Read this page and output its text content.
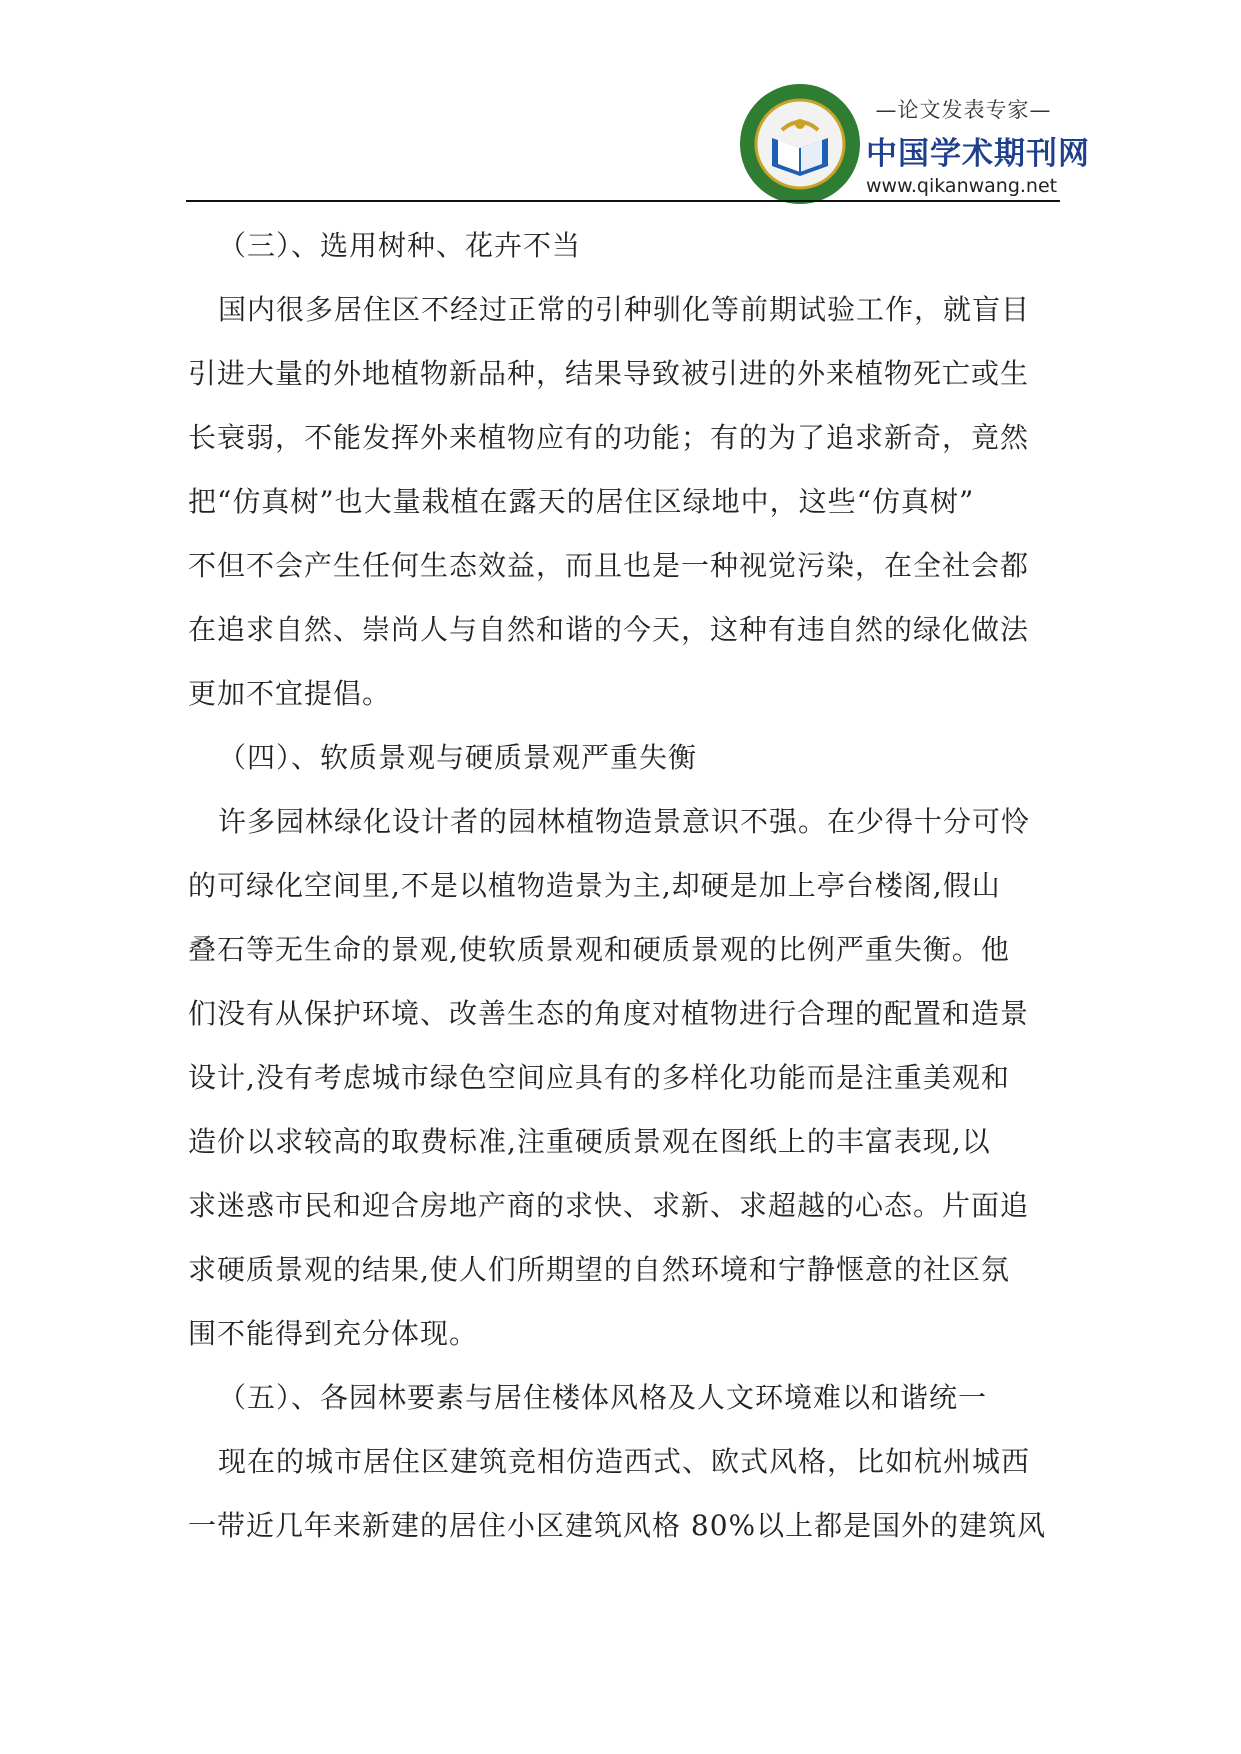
—论文发表专家—
中国学术期刊网
www.qikanwang.net
（三）、选用树种、花卉不当
国内很多居住区不经过正常的引种驯化等前期试验工作，就盲目
引进大量的外地植物新品种，结果导致被引进的外来植物死亡或生
长衰弱，不能发挥外来植物应有的功能；有的为了追求新奇，竟然
把“仿真树”也大量栽植在露天的居住区绿地中，这些“仿真树”
不但不会产生任何生态效益，而且也是一种视觉污染，在全社会都
在追求自然、崇尚人与自然和谐的今天，这种有违自然的绿化做法
更加不宜提倡。
（四）、软质景观与硬质景观严重失衡
许多园林绿化设计者的园林植物造景意识不强。在少得十分可怜
的可绿化空间里,不是以植物造景为主,却硬是加上亭台楼阁,假山
叠石等无生命的景观,使软质景观和硬质景观的比例严重失衡。他
们没有从保护环境、改善生态的角度对植物进行合理的配置和造景
设计,没有考虑城市绿色空间应具有的多样化功能而是注重美观和
造价以求较高的取费标准,注重硬质景观在图纸上的丰富表现,以
求迷惑市民和迎合房地产商的求快、求新、求超越的心态。片面追
求硬质景观的结果,使人们所期望的自然环境和宁静惬意的社区氛
围不能得到充分体现。
（五）、各园林要素与居住楼体风格及人文环境难以和谐统一
现在的城市居住区建筑竞相仿造西式、欧式风格，比如杭州城西
一带近几年来新建的居住小区建筑风格 80%以上都是国外的建筑风
